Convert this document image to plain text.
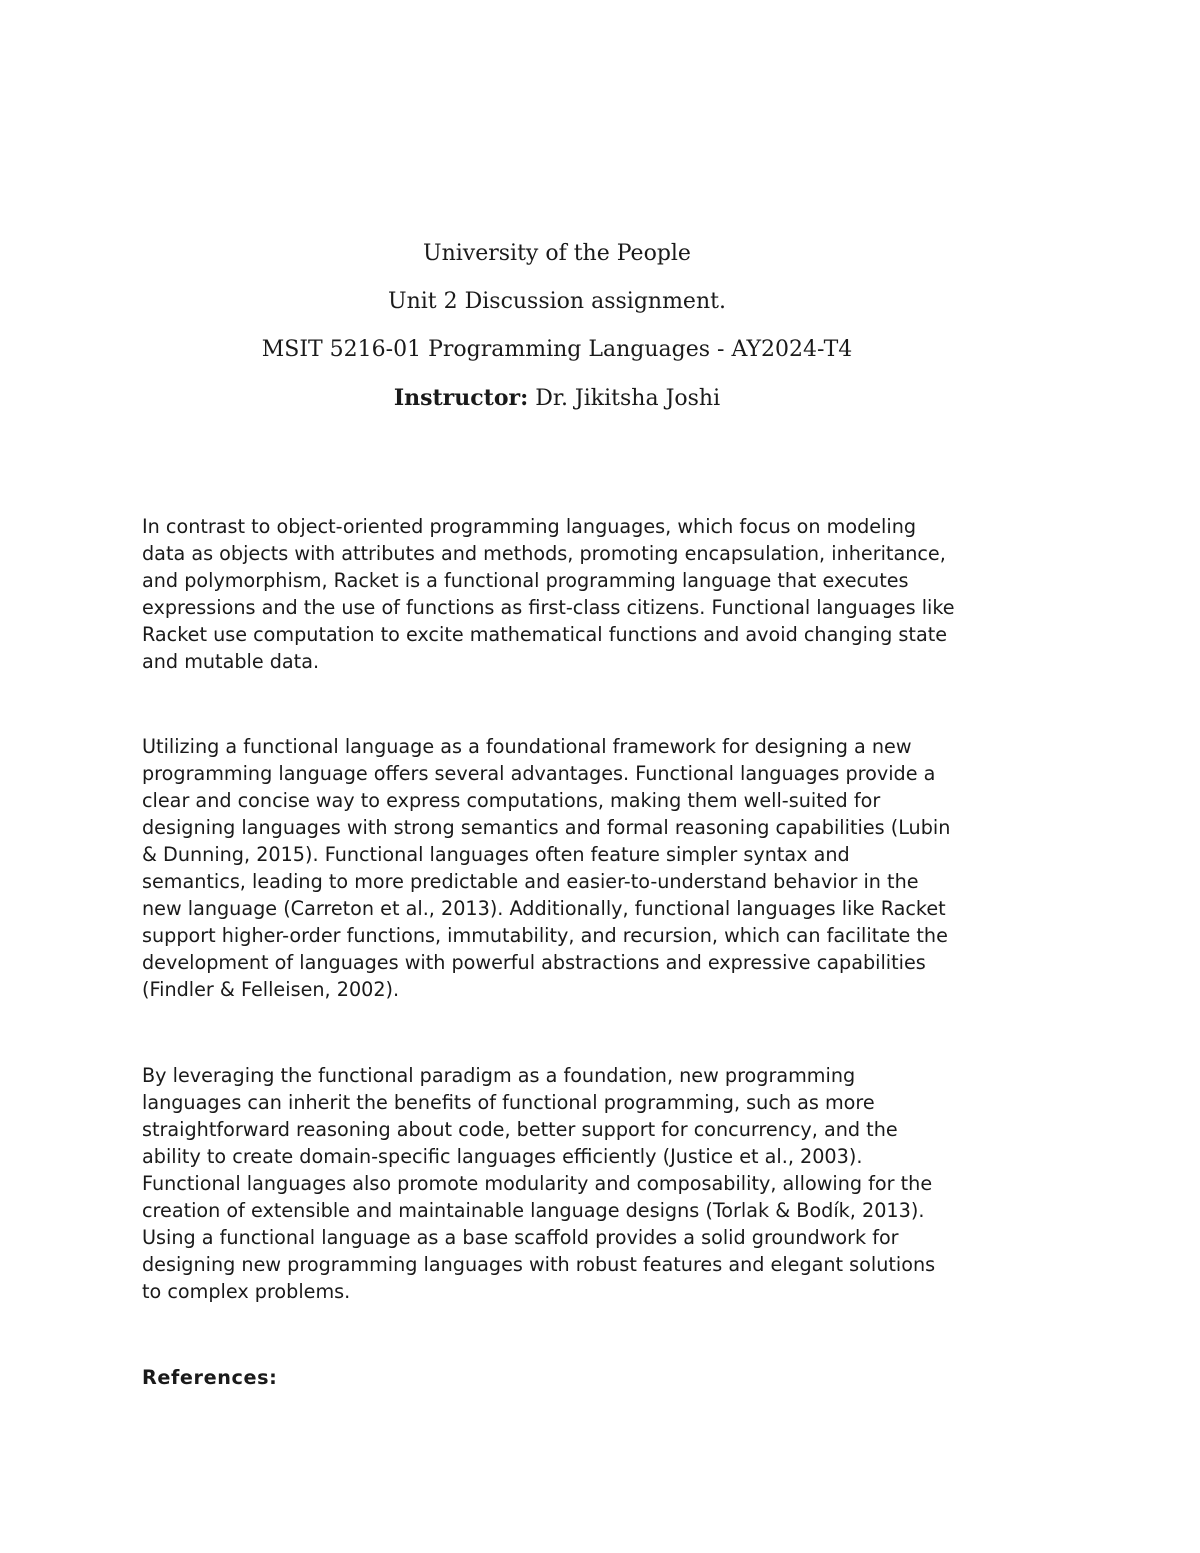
University of the People

Unit 2 Discussion assignment.

MSIT 5216-01 Programming Languages - AY2024-T4

Instructor: Dr. Jikitsha Joshi

In contrast to object-oriented programming languages, which focus on modeling
data as objects with attributes and methods, promoting encapsulation, inheritance,
and polymorphism, Racket is a functional programming language that executes
expressions and the use of functions as first-class citizens. Functional languages like
Racket use computation to excite mathematical functions and avoid changing state
and mutable data.

Utilizing a functional language as a foundational framework for designing a new
programming language offers several advantages. Functional languages provide a
clear and concise way to express computations, making them well-suited for
designing languages with strong semantics and formal reasoning capabilities (Lubin
& Dunning, 2015). Functional languages often feature simpler syntax and
semantics, leading to more predictable and easier-to-understand behavior in the
new language (Carreton et al., 2013). Additionally, functional languages like Racket
support higher-order functions, immutability, and recursion, which can facilitate the
development of languages with powerful abstractions and expressive capabilities
(Findler & Felleisen, 2002).

By leveraging the functional paradigm as a foundation, new programming
languages can inherit the benefits of functional programming, such as more
straightforward reasoning about code, better support for concurrency, and the
ability to create domain-specific languages efficiently (Justice et al., 2003).
Functional languages also promote modularity and composability, allowing for the
creation of extensible and maintainable language designs (Torlak & Bodík, 2013).
Using a functional language as a base scaffold provides a solid groundwork for
designing new programming languages with robust features and elegant solutions
to complex problems.

References:
